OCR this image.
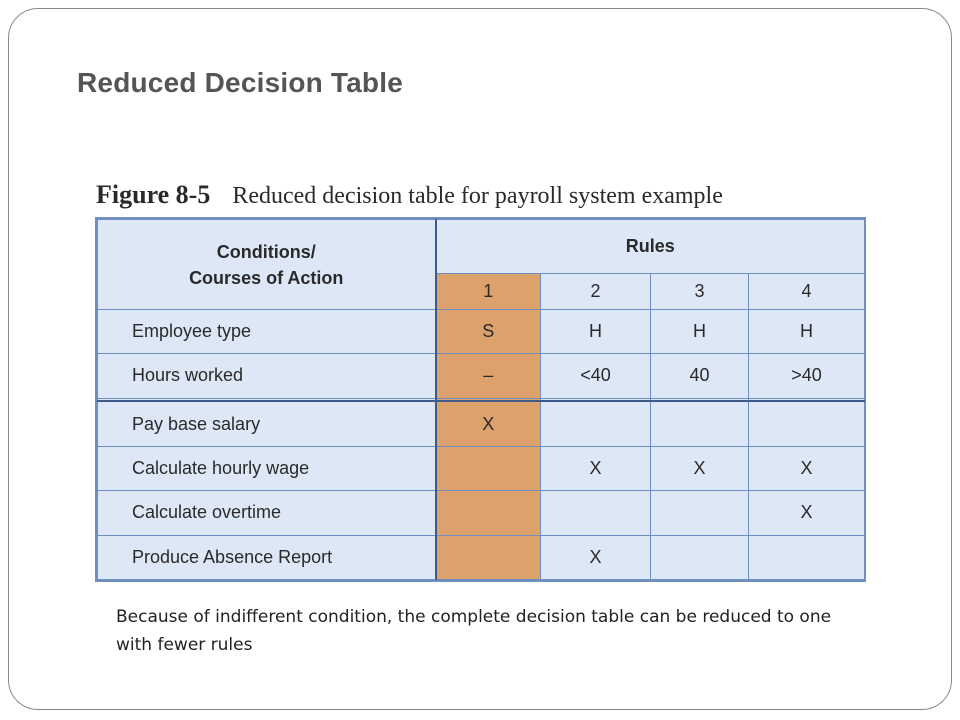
Reduced Decision Table
Figure 8-5 Reduced decision table for payroll system example
Conditions/
Courses of Action	Rules			
	1	2	3	4
Employee type	S	H	H	H
Hours worked	–	<40	40	>40

Pay base salary	X			
Calculate hourly wage		X	X	X
Calculate overtime				X
Produce Absence Report		X		
Because of indifferent condition, the complete decision table can be reduced to one with fewer rules
